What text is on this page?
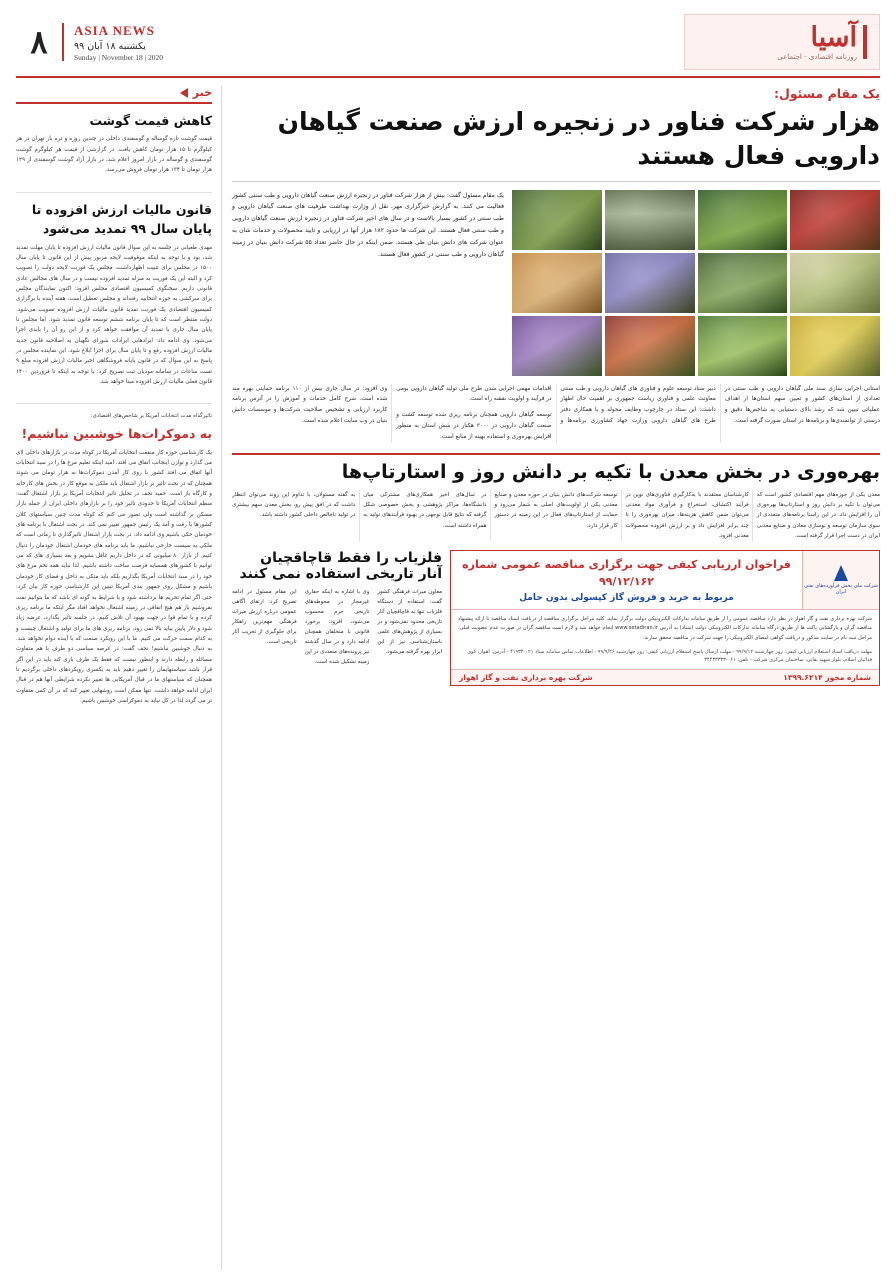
آسیا
روزنامه اقتصادی - اجتماعی
ASIA NEWS
یکشنبه ۱۸ آبان ۹۹
Sunday | November 18 | 2020
۸
یک مقام مسئول:
هزار شرکت فناور در زنجیره ارزش صنعت گیاهان دارویی فعال هستند
یک مقام مسئول گفت: بیش از هزار شرکت فناور در زنجیره ارزش صنعت گیاهان دارویی و طب سنتی کشور فعالیت می کنند. به گزارش خبرگزاری مهر، نقل از وزارت بهداشت ظرفیت های صنعت گیاهان دارویی و طب سنتی در کشور بسیار بالاست و در سال های اخیر شرکت فناور در زنجیره ارزش صنعت گیاهان دارویی و طب سنتی فعال هستند. این شرکت ها حدود ۱۸۲ هزار آنها در ارزیابی و تایید محصولات و خدمات شان به عنوان شرکت های دانش بنیان طی هستند. ضمن اینکه در حال حاضر تعداد ۵۵ شرکت دانش بنیان در زمینه گیاهان دارویی و طب سنتی در کشور فعال هستند.

استانی اجرایی سازی سند ملی گیاهان دارویی و طب سنتی در تعدادی از استان‌های کشور و تعیین سهم استان‌ها از اهداف عملیاتی تبیین شد که رشد بالای دستیابی به شاخص‌ها دقیق و درستی از توانمندی‌ها و برنامه‌ها در استان صورت گرفته است.

دبیر ستاد توسعه علوم و فناوری های گیاهان دارویی و طب سنتی معاونت علمی و فناوری ریاست جمهوری بر اهمیت حال اظهار داشت: این ستاد در چارچوب وظایف محوله و با همکاری دفتر طرح های گیاهان دارویی وزارت جهاد کشاورزی برنامه‌ها و اقدامات مهمی اجرایی شدن طرح ملی تولید گیاهان دارویی بومی در فرآیند و اولویت نقشه راه است.

توسعه گیاهان دارویی همچنان برنامه ریزی شده توسعه کشت و صنعت گیاهان دارویی در ۳۰۰۰ هکتار در شش استان به منظور افزایش بهره‌وری و استفاده بهینه از منابع است.

وی افزود: در سال جاری بیش از ۱۱۰ برنامه حمایتی بهره مند شده است. شرح کامل خدمات و آموزش را در آنرس برنامه کاربرد ارزیابی و تشخیص صلاحیت شرکت‌ها و موسسات دانش بنیان در وب سایت اعلام شده است.

بهره‌وری در بخش معدن با تکیه بر دانش روز و استارتاپ‌ها

معدن یکی از حوزه‌های مهم اقتصادی کشور است که می‌توان با تکیه بر دانش روز و استارتاپ‌ها بهره‌وری آن را افزایش داد. در این راستا برنامه‌های متعددی از سوی سازمان توسعه و نوسازی معادن و صنایع معدنی ایران در دست اجرا قرار گرفته است.

کارشناسان معتقدند با به‌کارگیری فناوری‌های نوین در فرآیند اکتشاف، استخراج و فرآوری مواد معدنی می‌توان ضمن کاهش هزینه‌ها، میزان بهره‌وری را تا چند برابر افزایش داد و بر ارزش افزوده محصولات معدنی افزود.

توسعه شرکت‌های دانش بنیان در حوزه معدن و صنایع معدنی یکی از اولویت‌های اصلی به شمار می‌رود و حمایت از استارتاپ‌های فعال در این زمینه در دستور کار قرار دارد.

در سال‌های اخیر همکاری‌های مشترکی میان دانشگاه‌ها، مراکز پژوهشی و بخش خصوصی شکل گرفته که نتایج قابل توجهی در بهبود فرآیندهای تولید به همراه داشته است.

به گفته مسئولان، با تداوم این روند می‌توان انتظار داشت که در افق پیش رو، بخش معدن سهم بیشتری در تولید ناخالص داخلی کشور داشته باشد.

شرکت ملی پخش فرآورده‌های نفتی ایران
فراخوان ارزیابی کیفی جهت برگزاری مناقصه عمومی شماره ۹۹/۱۲/۱۶۲
مربوط به خرید و فروش گاز کپسولی بدون حامل
شرکت بهره برداری نفت و گاز اهواز در نظر دارد مناقصه عمومی را از طریق سامانه تدارکات الکترونیکی دولت برگزار نماید. کلیه مراحل برگزاری مناقصه از دریافت اسناد مناقصه تا ارائه پیشنهاد مناقصه گران و بازگشایی پاکت ها از طریق درگاه سامانه تدارکات الکترونیکی دولت (ستاد) به آدرس www.setadiran.ir انجام خواهد شد و لازم است مناقصه گران در صورت عدم عضویت قبلی، مراحل ثبت نام در سایت مذکور و دریافت گواهی امضای الکترونیکی را جهت شرکت در مناقصه محقق سازند.
مهلت دریافت اسناد استعلام ارزیابی کیفی: روز چهارشنبه ۹۹/۹/۱۲ - مهلت ارسال پاسخ استعلام ارزیابی کیفی: روز چهارشنبه ۹۹/۹/۲۶ - اطلاعات تماس سامانه ستاد ۰۲۱-۴۱۹۳۴ - آدرس: اهواز، کوی فدائیان اسلام، بلوار شهید بقایی، ساختمان مرکزی شرکت - تلفن: ۰۶۱-۳۴۴۳۳۳۳۳
شماره مجوز ۱۳۹۹.۶۲۱۴
شرکت بهره برداری نفت و گاز اهواز
فلزیاب را فقط قاچاقچیان آنار تاریخی استفاده نمی کنند

معاون میراث فرهنگی کشور گفت: استفاده از دستگاه فلزیاب تنها به قاچاقچیان آثار تاریخی محدود نمی‌شود و در بسیاری از پژوهش‌های علمی باستان‌شناسی نیز از این ابزار بهره گرفته می‌شود.

وی با اشاره به اینکه حفاری غیرمجاز در محوطه‌های تاریخی جرم محسوب می‌شود، افزود: برخورد قانونی با متخلفان همچنان ادامه دارد و در سال گذشته نیز پرونده‌های متعددی در این زمینه تشکیل شده است.

این مقام مسئول در ادامه تصریح کرد: ارتقای آگاهی عمومی درباره ارزش میراث فرهنگی مهم‌ترین راهکار برای جلوگیری از تخریب آثار تاریخی است.

خبر
کاهش قیمت گوشت
قیمت گوشت تازه گوساله و گوسفندی داخلی در چندین روزه و تره بار تهران در هر کیلوگرم تا ۱۵ هزار تومان کاهش یافت. در گزارشی از قیمت هر کیلوگرم گوشت گوسفندی و گوساله در بازار امروز اعلام شد، در بازار آزاد گوشت گوسفندی از ۱۲۹ هزار تومان تا ۱۳۴ هزار تومان فروش می‌رسد.
قانون مالیات ارزش افزوده تا پایان سال ۹۹ تمدید می‌شود
مهدی طغیانی در جلسه به این سوال قانون مالیات ارزش افزوده تا پایان مهلت تمدید شد، بود و با توجه به اینکه موقوفیت لایحه مزبور پیش از این قانون تا پایان سال ۱۵۰۰ در مجلس برای تثبیت اظهارداشت، مجلس یک فوریت لایحه دولت را تصویب کرد و البته این یک فوریت به منزله تمدید افزوده نیست و در سال های مجالس عادی قانونی داریم. سخنگوی کمیسیون اقتصادی مجلس افزود: اکنون نمایندگان مجلس برای سرکشی به حوزه انتخابیه رفته‌اند و مجلس تعطیل است، هفته آینده با برگزاری کمیسیون اقتصادی یک فوریت تمدید قانون مالیات ارزش افزوده تصویب می‌شود. دولت منتظر است که تا پایان برنامه ششم توسعه قانون تمدید شود. اما مجلس تا پایان سال جاری با تمدید آن موافقت خواهد کرد و از این رو آن را بایدی اجرا می‌شود. وی ادامه داد: ایرادهایی ایرادات شورای نگهبان به اصلاحیه قانون جدید مالیات ارزش افزوده رفع و تا پایان سال برای اجرا ابلاغ شود. این نماینده مجلس در پاسخ به این سوال که در قانون پایانه فروشگاهی اخیر مالیات ارزش افزوده مبلغ ۹ تست ساعات در سامانه مودیان ثبت تصریح کرد: با توجه به اینکه تا فروردین ۱۴۰۰ قانون فعلی مالیات ارزش افزوده مبنا خواهد شد.
تاثیرگذاه مدت انتخابات آمریکا بر شاخص‌های اقتصادی:
به دموکرات‌ها خوشبین نباشیم!
یک کارشناسی حوزه کار منفعت انتخابات آمریکا در کوتاه مدت در بازارهای داخلی لای می گذارد و توازن اینجانب اتفاق می افتد. امید اینکه تعلیم مرغ ها را در سبد انتخابات آنها اتفاق می افتد کشور با روی کار آمدن دموکرات‌ها به هزار تومان می شوند همچنان که در بحث تاثیر بر بازار اشتغال باید ملکی به موقع کار در بخش های کارخانه و کارگاه باز است. حمید نجف در تحلیل تاثیر انتخابات آمریکا بر بازار اشتغال گفت: منظم انتخابات آمریکا تا حدودی تاثیر خود را بر بازارهای داخلی ایران از جمله بازار مسکن بر گذاشته است ولی تصور می کنم که کوتاه مدت چنین سیاستهای کلان کشورها با رفت و آمد یک رئیس جمهور تغییر نمی کند. در بحث اشتغال با برنامه های خودمان حکی باشیم وی ادامه داد: در بحث بازار اشتغال تاثیرگذاری تا زمانی است که ملکی به سیست خارجی نباشیم. ما باید برنامه های خودمان اشتغال خودمان را دنبال کنیم. از بازار ۸۰ میلیونی که در داخل داریم غافل نشویم و بعد بسیاری های که می توانیم با کشورهای همسایه فرصت ساخت داشته باشیم. لذا نباید همه تخم مرغ های خود را در سبد انتخابات آمریکا بگذاریم بلکه باید متکی به داخل و فضای کار خودمان باشیم و مشکل روی جمهور بندی آمریکا تبیین این کارشناسی حوزه کار بیان کرد: حتی اگر تمام تحریم ها برداشته شود و یا شرایط به گونه ای باشد که ما بتوانیم نفت بفروشیم باز هم هیچ اتفاقی در زمینه اشتغال نخواهد افتاد مگر اینکه ما برنامه ریزی کرده و با تمام قوا در جهت بهبود آن تلاش کنیم. در جلسه تاثیر بگذارد، عرضه زیاد شود و دلار پایین بیاید بالا نمی رود، برنامه ریزی های ما برای تولید و اشتغال چیست و به کدام سمت حرکت می کنیم. ما با این رویکرد صنعت که با آینده دوام نخواهد شد. به دنبال خوشبین نباشیم! نجف گفت: در عرصه سیاسی دو طرف با هم متفاوت مسائله و رابطه دارند و اینطور نیست که فقط یک طرف بازی کند باید در این اگر قرار باشد سیاستهایمان را تغییر دهیم باید به یکسری رویکردهای داخلی برگردیم تا همچنان که سیاستهای ما در قبال آمریکایی ها تغییر نکرده شرایطی آنها هم در قبال ایران ادامه خواهد داشت. تنها ممکن است روشهایی تغییر کند که در آن کمی متفاوت تر می گردد لذا در کل نباید به دموکراسی خوشبین باشیم.
